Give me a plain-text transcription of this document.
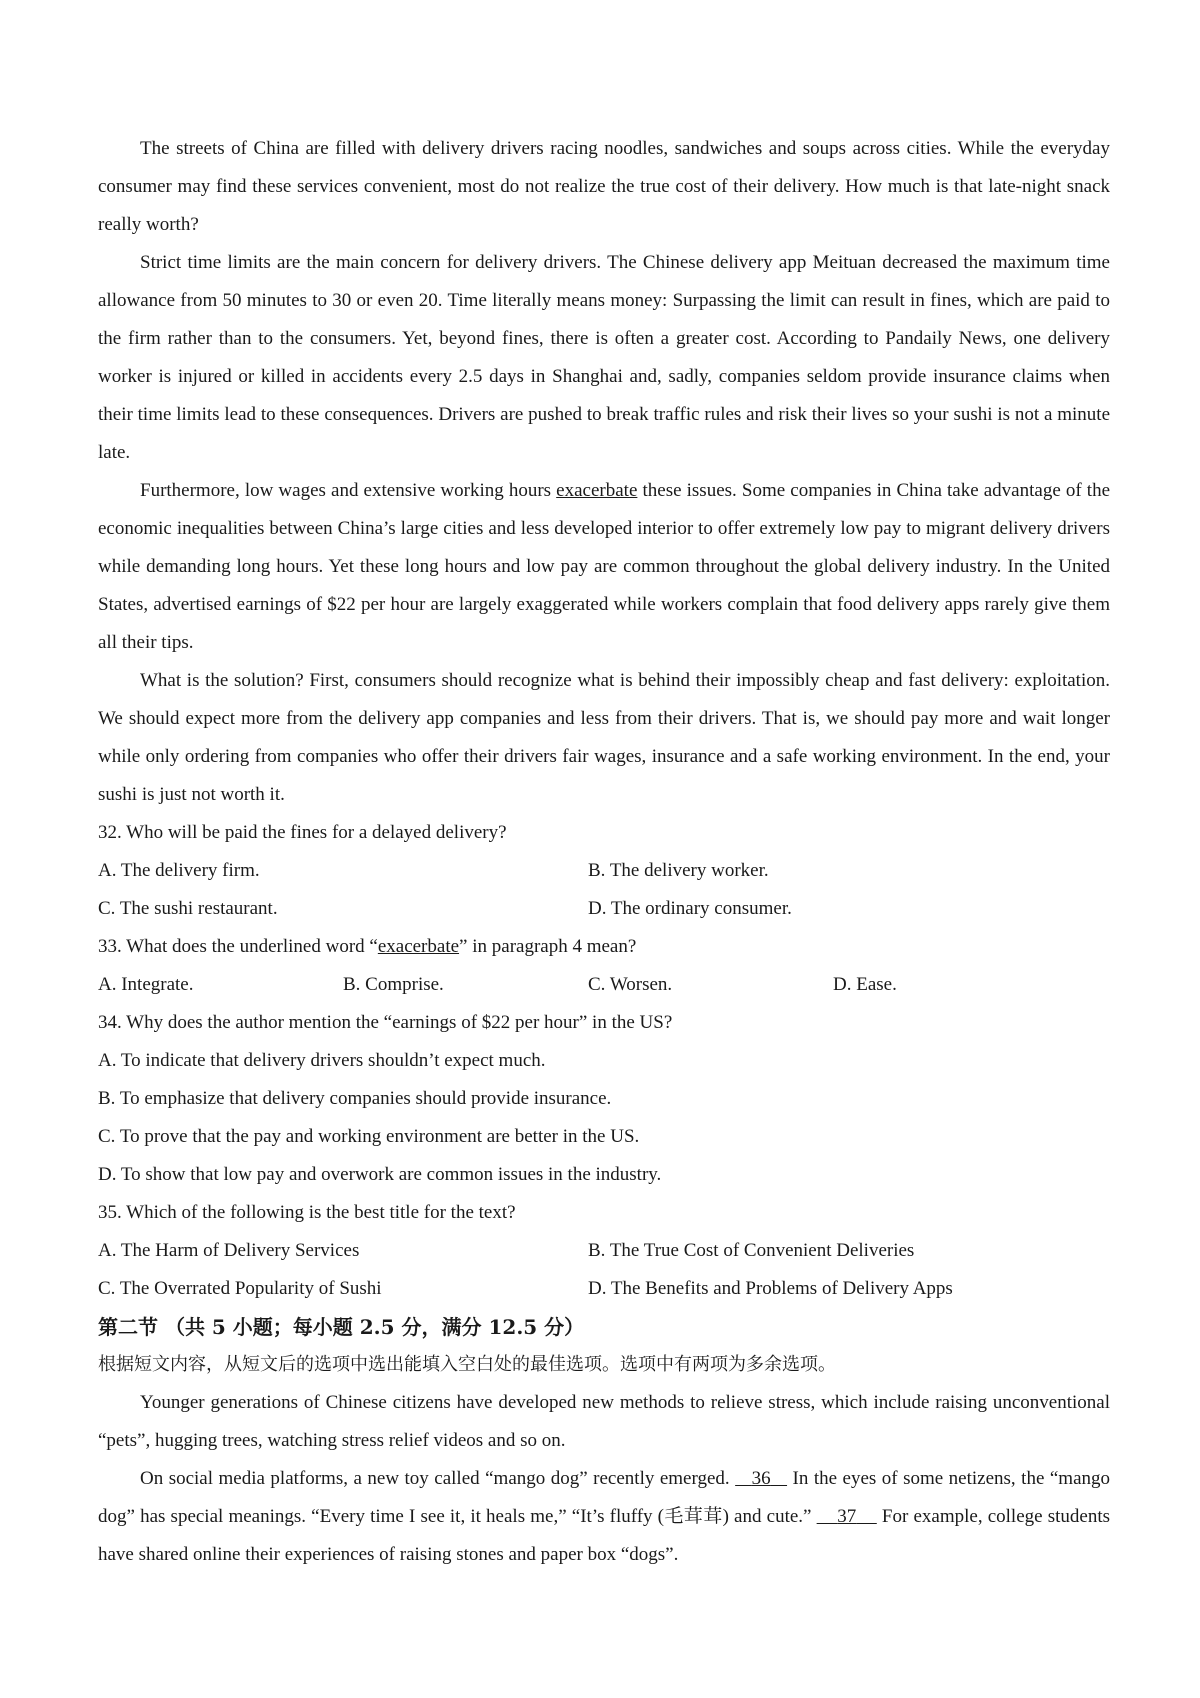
The streets of China are filled with delivery drivers racing noodles, sandwiches and soups across cities. While the everyday consumer may find these services convenient, most do not realize the true cost of their delivery. How much is that late-night snack really worth?

Strict time limits are the main concern for delivery drivers. The Chinese delivery app Meituan decreased the maximum time allowance from 50 minutes to 30 or even 20. Time literally means money: Surpassing the limit can result in fines, which are paid to the firm rather than to the consumers. Yet, beyond fines, there is often a greater cost. According to Pandaily News, one delivery worker is injured or killed in accidents every 2.5 days in Shanghai and, sadly, companies seldom provide insurance claims when their time limits lead to these consequences. Drivers are pushed to break traffic rules and risk their lives so your sushi is not a minute late.

Furthermore, low wages and extensive working hours exacerbate these issues. Some companies in China take advantage of the economic inequalities between China’s large cities and less developed interior to offer extremely low pay to migrant delivery drivers while demanding long hours. Yet these long hours and low pay are common throughout the global delivery industry. In the United States, advertised earnings of $22 per hour are largely exaggerated while workers complain that food delivery apps rarely give them all their tips.

What is the solution? First, consumers should recognize what is behind their impossibly cheap and fast delivery: exploitation. We should expect more from the delivery app companies and less from their drivers. That is, we should pay more and wait longer while only ordering from companies who offer their drivers fair wages, insurance and a safe working environment. In the end, your sushi is just not worth it.

32. Who will be paid the fines for a delayed delivery?

A. The delivery firm.	B. The delivery worker.
C. The sushi restaurant.	D. The ordinary consumer.

33. What does the underlined word “exacerbate” in paragraph 4 mean?

A. Integrate.	B. Comprise.	C. Worsen.	D. Ease.

34. Why does the author mention the “earnings of $22 per hour” in the US?

A. To indicate that delivery drivers shouldn’t expect much.

B. To emphasize that delivery companies should provide insurance.

C. To prove that the pay and working environment are better in the US.

D. To show that low pay and overwork are common issues in the industry.

35. Which of the following is the best title for the text?

A. The Harm of Delivery Services	B. The True Cost of Convenient Deliveries
C. The Overrated Popularity of Sushi	D. The Benefits and Problems of Delivery Apps

第二节 （共 5 小题；每小题 2.5 分，满分 12.5 分）

根据短文内容，从短文后的选项中选出能填入空白处的最佳选项。选项中有两项为多余选项。

Younger generations of Chinese citizens have developed new methods to relieve stress, which include raising unconventional “pets”, hugging trees, watching stress relief videos and so on.

On social media platforms, a new toy called “mango dog” recently emerged.    36    In the eyes of some netizens, the “mango dog” has special meanings. “Every time I see it, it heals me,” “It’s fluffy (毛茸茸) and cute.”     37     For example, college students have shared online their experiences of raising stones and paper box “dogs”.
